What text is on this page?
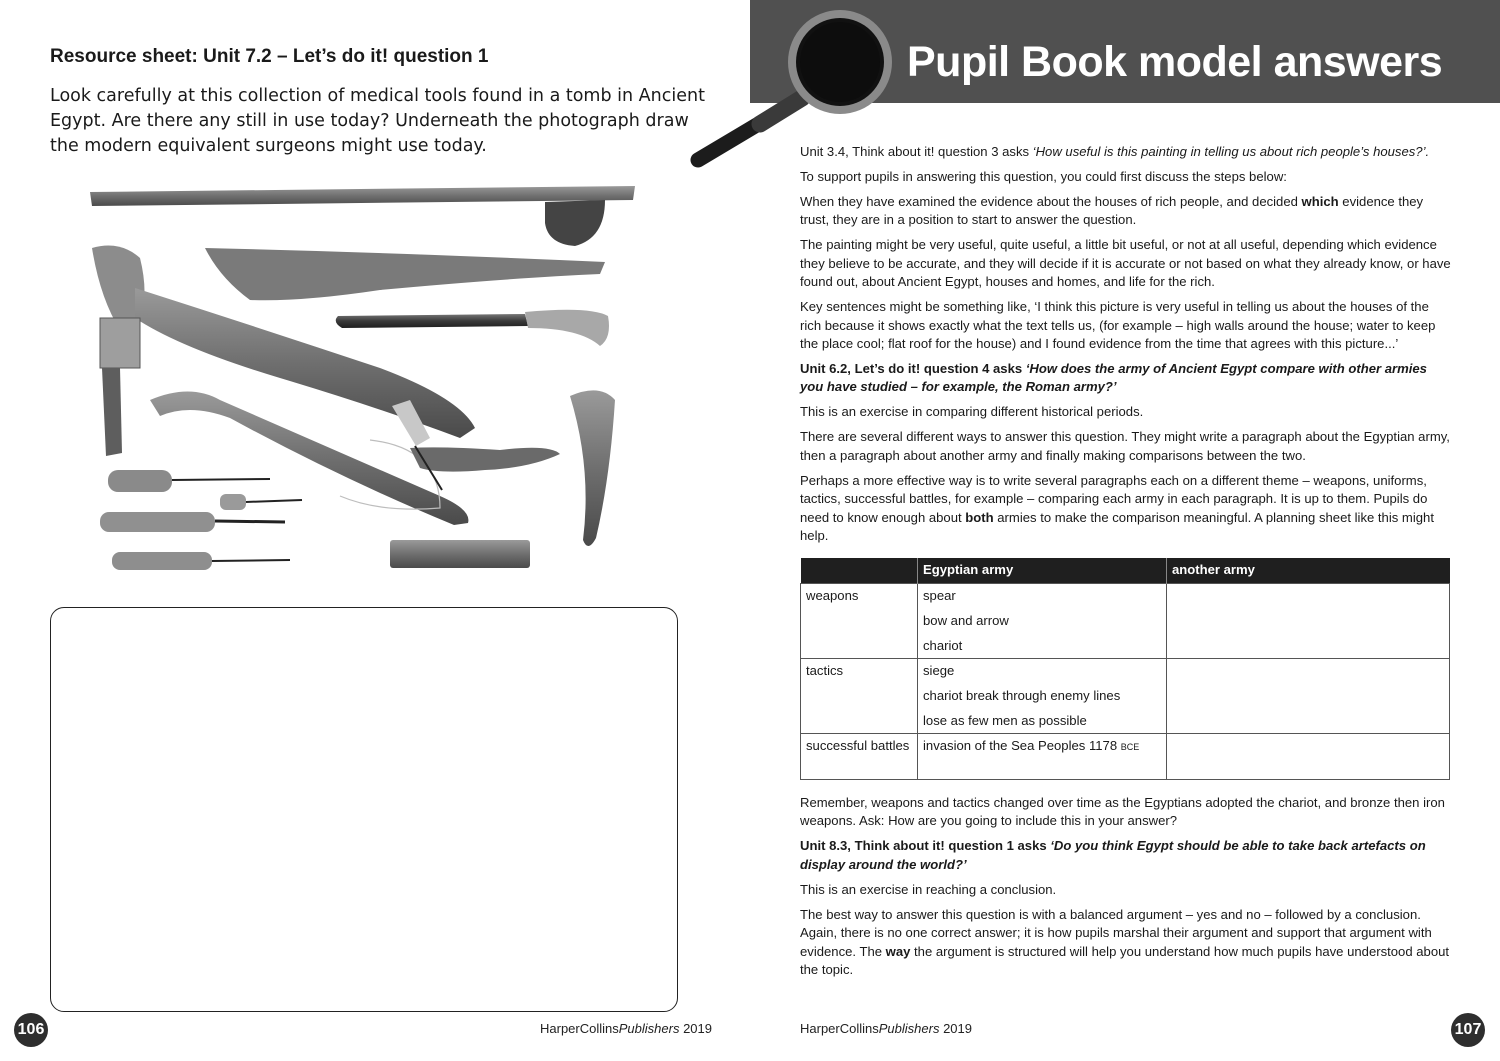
Resource sheet: Unit 7.2 – Let’s do it! question 1

Look carefully at this collection of medical tools found in a tomb in Ancient Egypt. Are there any still in use today? Underneath the photograph draw the modern equivalent surgeons might use today.

106	HarperCollinsPublishers 2019
Pupil Book model answers

Unit 3.4, Think about it! question 3 asks ‘How useful is this painting in telling us about rich people’s houses?’.

To support pupils in answering this question, you could first discuss the steps below:

When they have examined the evidence about the houses of rich people, and decided which evidence they trust, they are in a position to start to answer the question.

The painting might be very useful, quite useful, a little bit useful, or not at all useful, depending which evidence they believe to be accurate, and they will decide if it is accurate or not based on what they already know, or have found out, about Ancient Egypt, houses and homes, and life for the rich.

Key sentences might be something like, ‘I think this picture is very useful in telling us about the houses of the rich because it shows exactly what the text tells us, (for example – high walls around the house; water to keep the place cool; flat roof for the house) and I found evidence from the time that agrees with this picture...’

Unit 6.2, Let’s do it! question 4 asks ‘How does the army of Ancient Egypt compare with other armies you have studied – for example, the Roman army?’

This is an exercise in comparing different historical periods.

There are several different ways to answer this question. They might write a paragraph about the Egyptian army, then a paragraph about another army and finally making comparisons between the two.

Perhaps a more effective way is to write several paragraphs each on a different theme – weapons, uniforms, tactics, successful battles, for example – comparing each army in each paragraph. It is up to them. Pupils do need to know enough about both armies to make the comparison meaningful. A planning sheet like this might help.

	Egyptian army	another army
weapons	spear
bow and arrow
chariot	

tactics	siege
chariot break through enemy lines
lose as few men as possible	

successful battles	invasion of the Sea Peoples 1178 BCE	

Remember, weapons and tactics changed over time as the Egyptians adopted the chariot, and bronze then iron weapons. Ask: How are you going to include this in your answer?

Unit 8.3, Think about it! question 1 asks ‘Do you think Egypt should be able to take back artefacts on display around the world?’

This is an exercise in reaching a conclusion.

The best way to answer this question is with a balanced argument – yes and no – followed by a conclusion. Again, there is no one correct answer; it is how pupils marshal their argument and support that argument with evidence. The way the argument is structured will help you understand how much pupils have understood about the topic.

HarperCollinsPublishers 2019	107
